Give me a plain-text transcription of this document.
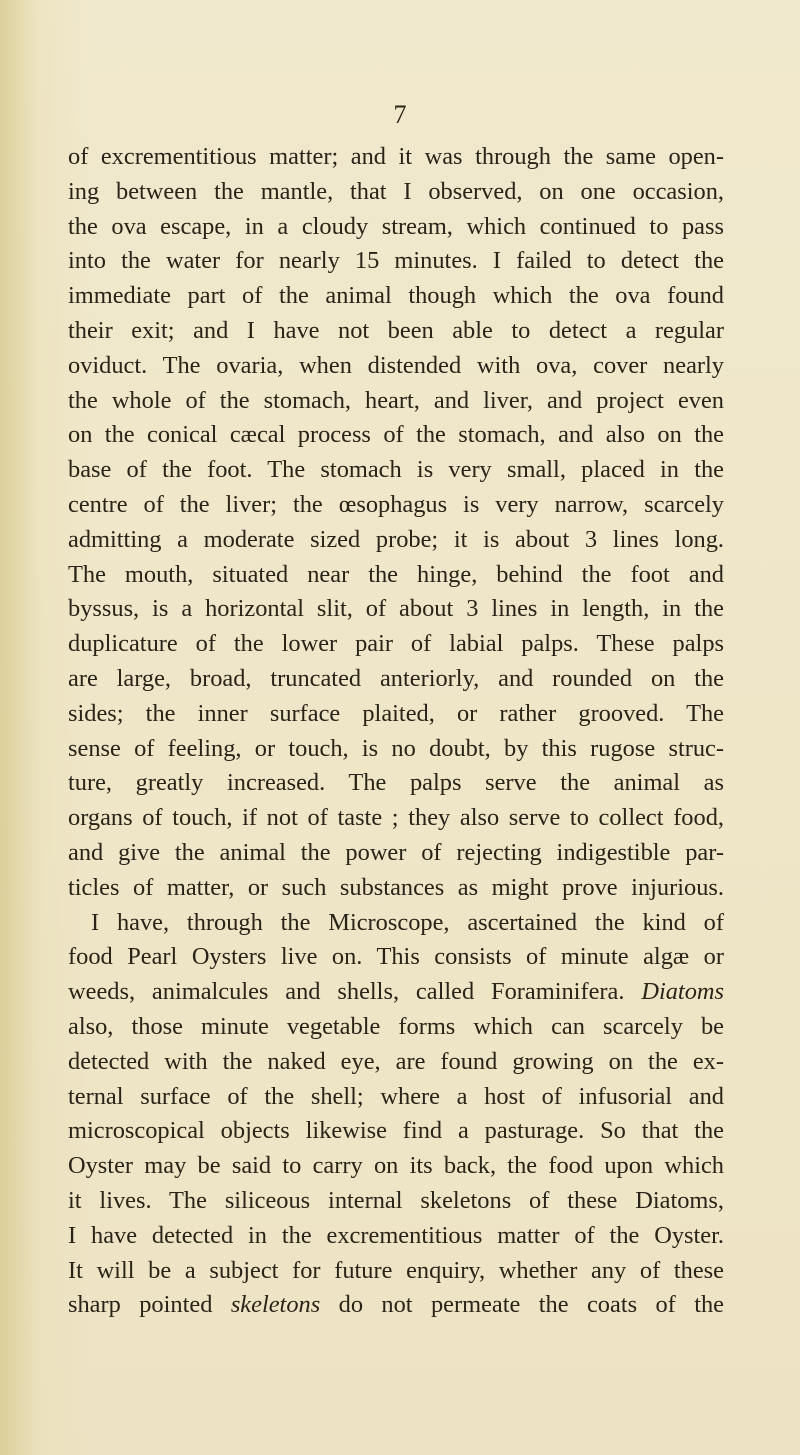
7
of excrementitious matter; and it was through the same open-
ing between the mantle, that I observed, on one occasion,
the ova escape, in a cloudy stream, which continued to pass
into the water for nearly 15 minutes. I failed to detect the
immediate part of the animal though which the ova found
their exit; and I have not been able to detect a regular
oviduct. The ovaria, when distended with ova, cover nearly
the whole of the stomach, heart, and liver, and project even
on the conical cæcal process of the stomach, and also on the
base of the foot. The stomach is very small, placed in the
centre of the liver; the œsophagus is very narrow, scarcely
admitting a moderate sized probe; it is about 3 lines long.
The mouth, situated near the hinge, behind the foot and
byssus, is a horizontal slit, of about 3 lines in length, in the
duplicature of the lower pair of labial palps. These palps
are large, broad, truncated anteriorly, and rounded on the
sides; the inner surface plaited, or rather grooved. The
sense of feeling, or touch, is no doubt, by this rugose struc-
ture, greatly increased. The palps serve the animal as
organs of touch, if not of taste ; they also serve to collect food,
and give the animal the power of rejecting indigestible par-
ticles of matter, or such substances as might prove injurious.
I have, through the Microscope, ascertained the kind of
food Pearl Oysters live on. This consists of minute algæ or
weeds, animalcules and shells, called Foraminifera. Diatoms
also, those minute vegetable forms which can scarcely be
detected with the naked eye, are found growing on the ex-
ternal surface of the shell; where a host of infusorial and
microscopical objects likewise find a pasturage. So that the
Oyster may be said to carry on its back, the food upon which
it lives. The siliceous internal skeletons of these Diatoms,
I have detected in the excrementitious matter of the Oyster.
It will be a subject for future enquiry, whether any of these
sharp pointed skeletons do not permeate the coats of the
